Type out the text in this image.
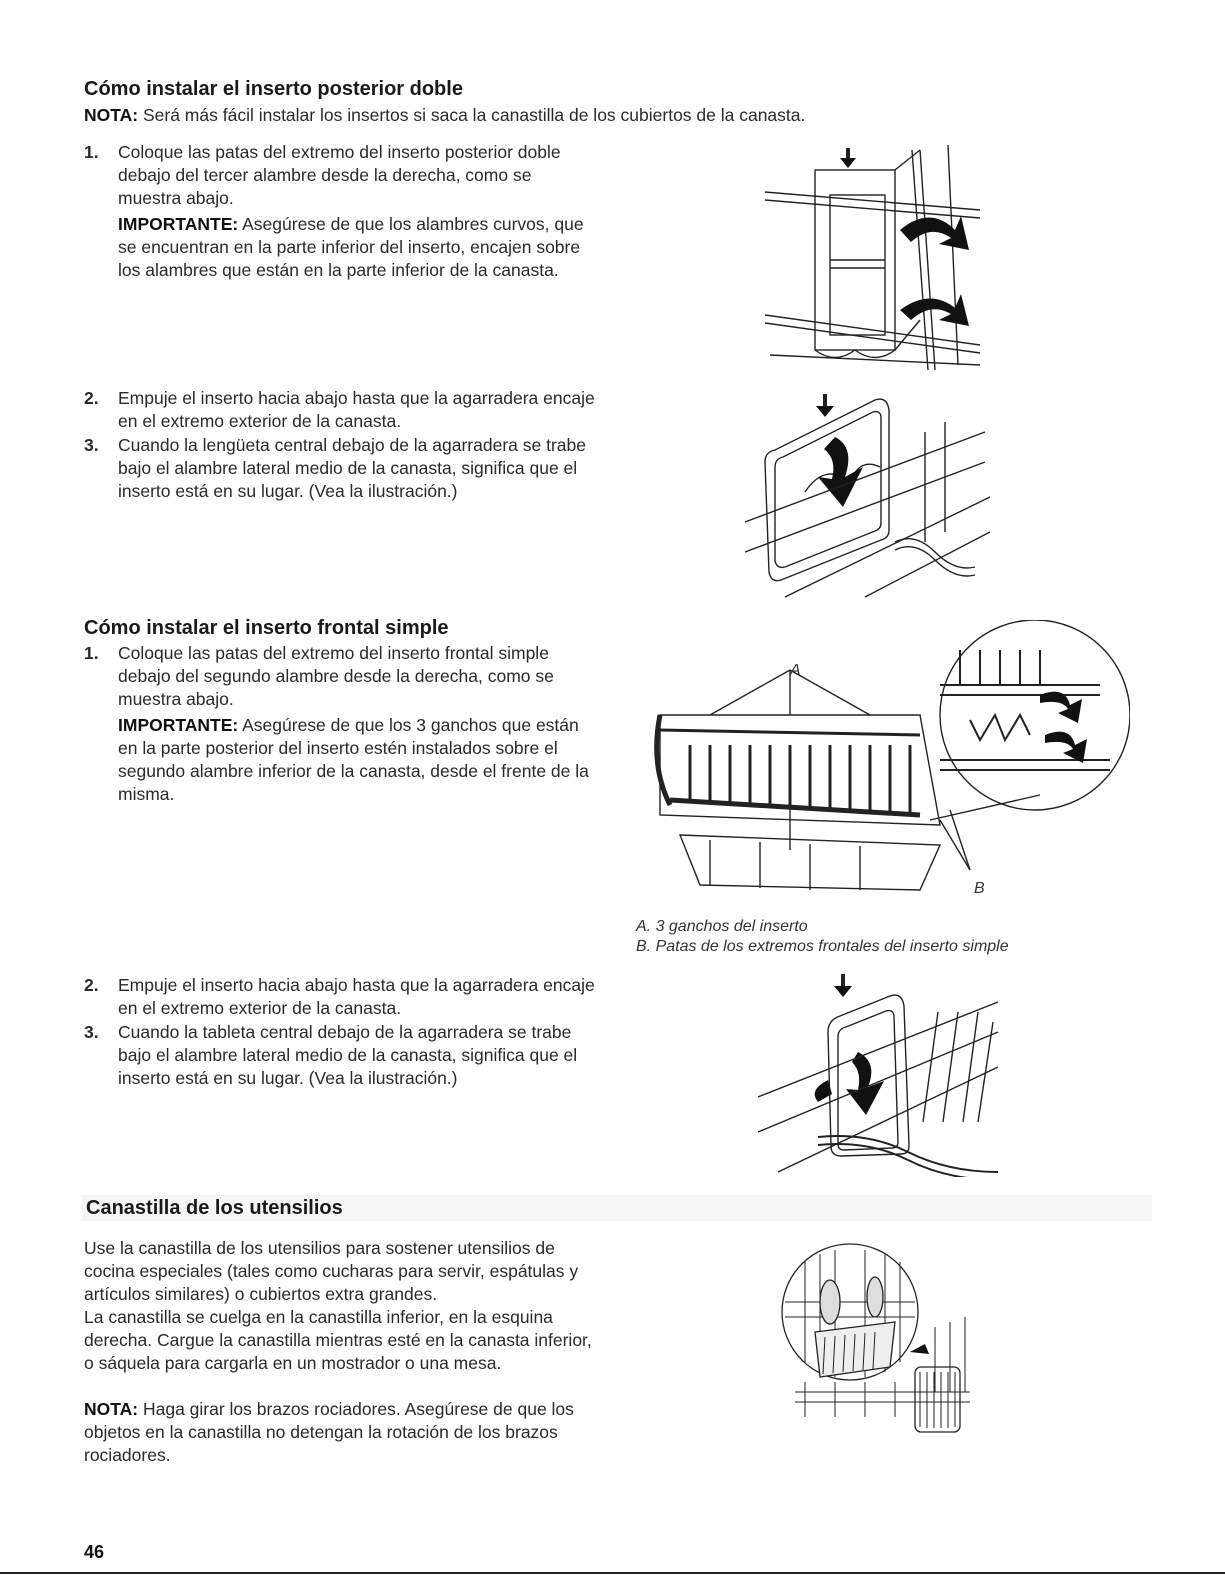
Cómo instalar el inserto posterior doble

NOTA: Será más fácil instalar los insertos si saca la canastilla de los cubiertos de la canasta.

1. Coloque las patas del extremo del inserto posterior doble debajo del tercer alambre desde la derecha, como se muestra abajo.

IMPORTANTE: Asegúrese de que los alambres curvos, que se encuentran en la parte inferior del inserto, encajen sobre los alambres que están en la parte inferior de la canasta.

2. Empuje el inserto hacia abajo hasta que la agarradera encaje en el extremo exterior de la canasta.
3. Cuando la lengüeta central debajo de la agarradera se trabe bajo el alambre lateral medio de la canasta, significa que el inserto está en su lugar. (Vea la ilustración.)
Cómo instalar el inserto frontal simple
1. Coloque las patas del extremo del inserto frontal simple debajo del segundo alambre desde la derecha, como se muestra abajo.

IMPORTANTE: Asegúrese de que los 3 ganchos que están en la parte posterior del inserto estén instalados sobre el segundo alambre inferior de la canasta, desde el frente de la misma.

A
B
A. 3 ganchos del inserto
B. Patas de los extremos frontales del inserto simple
2. Empuje el inserto hacia abajo hasta que la agarradera encaje en el extremo exterior de la canasta.
3. Cuando la tableta central debajo de la agarradera se trabe bajo el alambre lateral medio de la canasta, significa que el inserto está en su lugar. (Vea la ilustración.)
Canastilla de los utensilios

Use la canastilla de los utensilios para sostener utensilios de cocina especiales (tales como cucharas para servir, espátulas y artículos similares) o cubiertos extra grandes.

La canastilla se cuelga en la canastilla inferior, en la esquina derecha. Cargue la canastilla mientras esté en la canasta inferior, o sáquela para cargarla en un mostrador o una mesa.

NOTA: Haga girar los brazos rociadores. Asegúrese de que los objetos en la canastilla no detengan la rotación de los brazos rociadores.

46
